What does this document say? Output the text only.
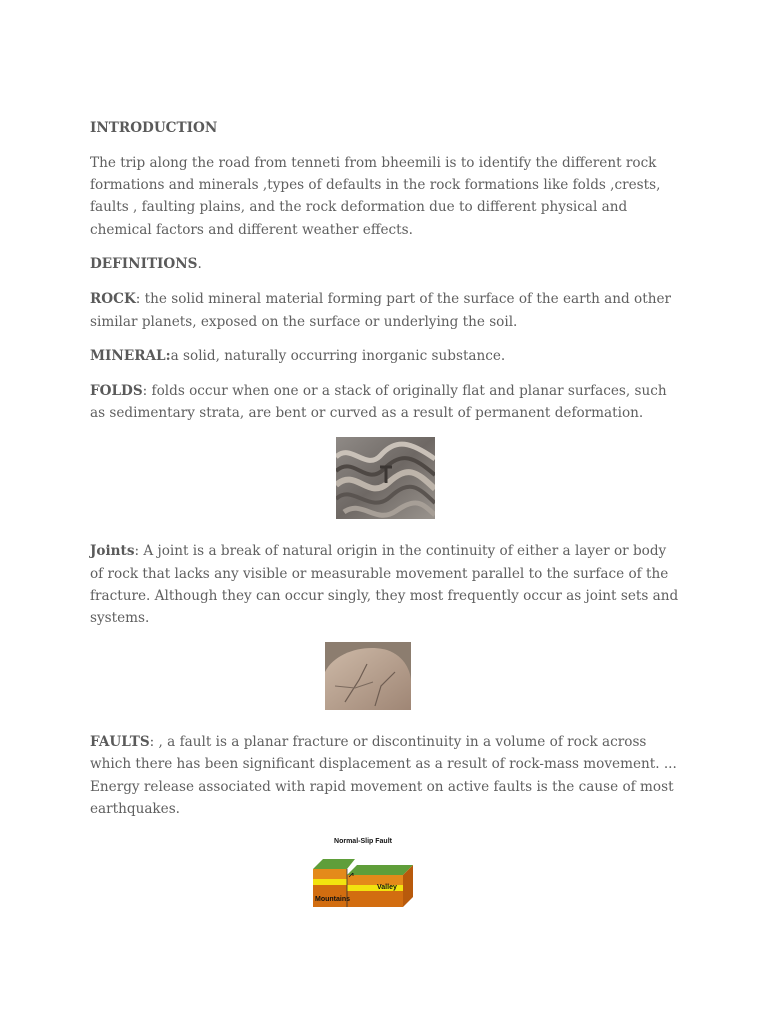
INTRODUCTION

The trip along the road from tenneti from bheemili is to identify the different rock formations and minerals ,types of defaults in the rock formations like folds ,crests, faults , faulting plains, and the rock deformation due to different physical and chemical factors and different weather effects.

DEFINITIONS.

ROCK: the solid mineral material forming part of the surface of the earth and other similar planets, exposed on the surface or underlying the soil.

MINERAL:a solid, naturally occurring inorganic substance.

FOLDS: folds occur when one or a stack of originally flat and planar surfaces, such as sedimentary strata, are bent or curved as a result of permanent deformation.

Joints: A joint is a break of natural origin in the continuity of either a layer or body of rock that lacks any visible or measurable movement parallel to the surface of the fracture. Although they can occur singly, they most frequently occur as joint sets and systems.

FAULTS: , a fault is a planar fracture or discontinuity in a volume of rock across which there has been significant displacement as a result of rock-mass movement. ... Energy release associated with rapid movement on active faults is the cause of most earthquakes.

Normal-Slip Fault
Valley
Mountains
